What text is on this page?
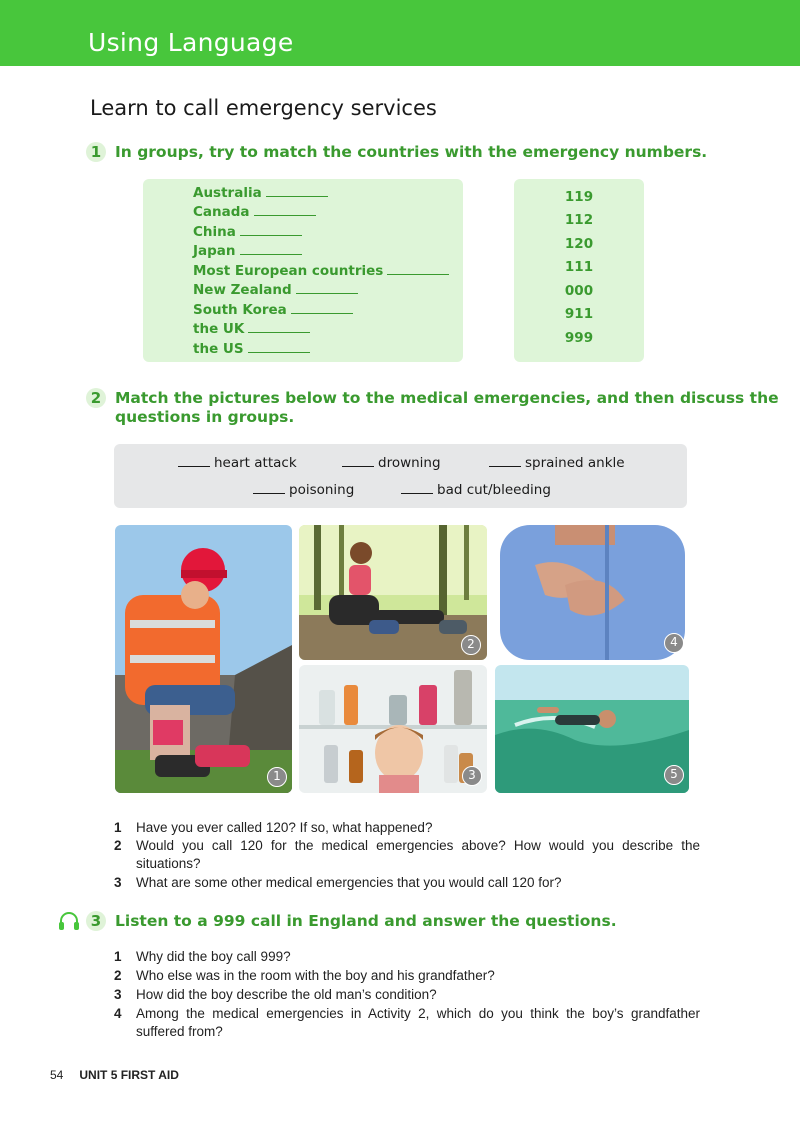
Using Language
Learn to call emergency services
1 In groups, try to match the countries with the emergency numbers.
Australia
Canada
China
Japan
Most European countries
New Zealand
South Korea
the UK
the US
119
112
120
111
000
911
999
2 Match the pictures below to the medical emergencies, and then discuss the
questions in groups.
heart attack	drowning	sprained ankle
poisoning	bad cut/bleeding
1
2	4
3	5
1 Have you ever called 120? If so, what happened?
2 Would you call 120 for the medical emergencies above? How would you describe the situations?
3 What are some other medical emergencies that you would call 120 for?
3 Listen to a 999 call in England and answer the questions.
1 Why did the boy call 999?
2 Who else was in the room with the boy and his grandfather?
3 How did the boy describe the old man’s condition?
4 Among the medical emergencies in Activity 2, which do you think the boy’s grandfather suffered from?
54 UNIT 5 FIRST AID
